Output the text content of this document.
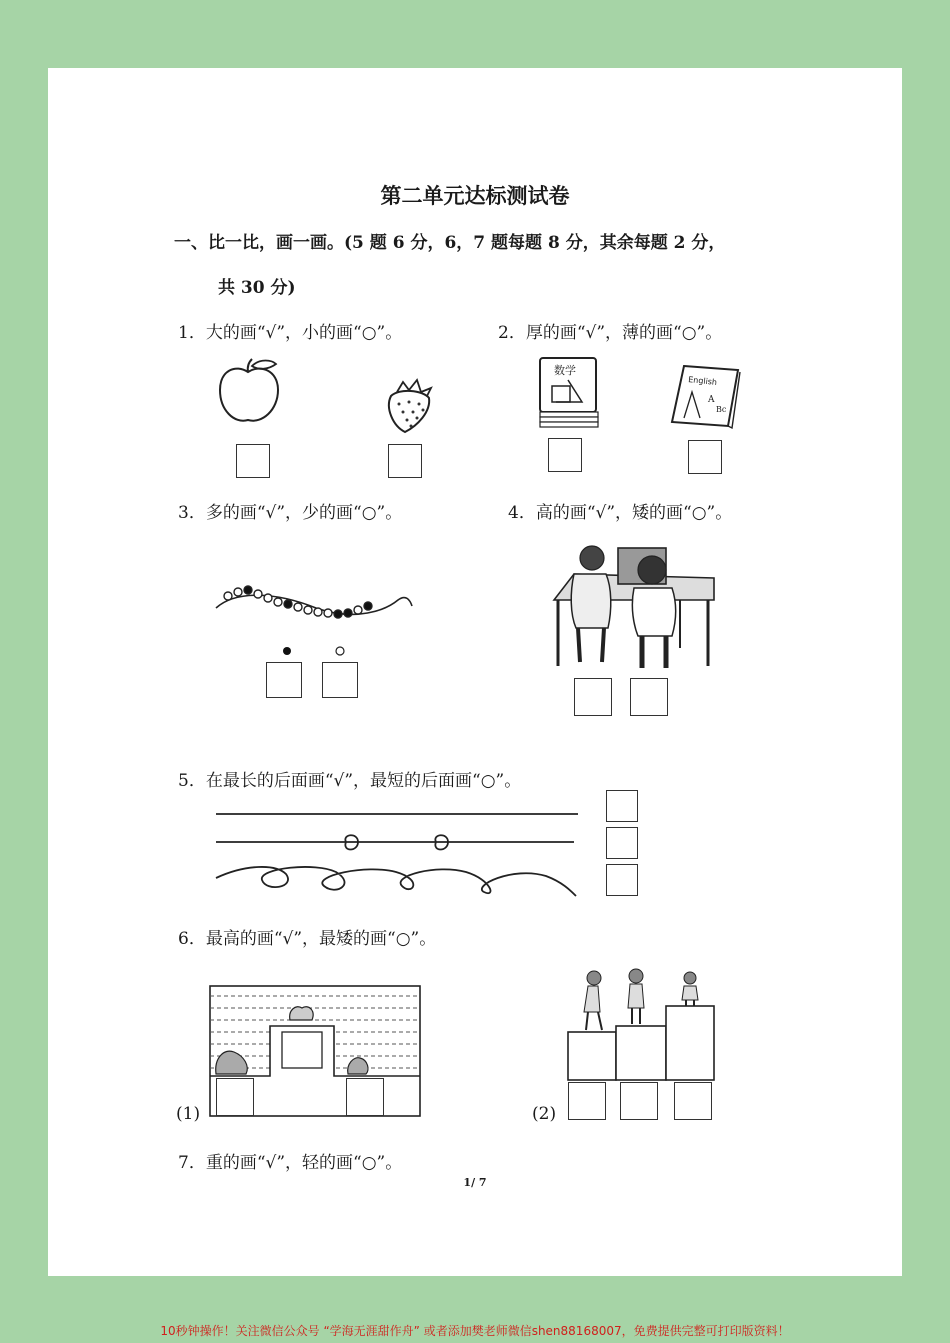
第二单元达标测试卷
一、比一比，画一画。(5 题 6 分，6，7 题每题 8 分，其余每题 2 分，
共 30 分)
1．大的画“√”，小的画“○”。	2．厚的画“√”，薄的画“○”。
数学
English
A
Bc
3．多的画“√”，少的画“○”。	4．高的画“√”，矮的画“○”。
5．在最长的后面画“√”，最短的后面画“○”。
6．最高的画“√”，最矮的画“○”。
(1)	(2)
7．重的画“√”，轻的画“○”。
1/ 7
10秒钟操作！关注微信公众号 “学海无涯甜作舟” 或者添加樊老师微信shen88168007，免费提供完整可打印版资料！
